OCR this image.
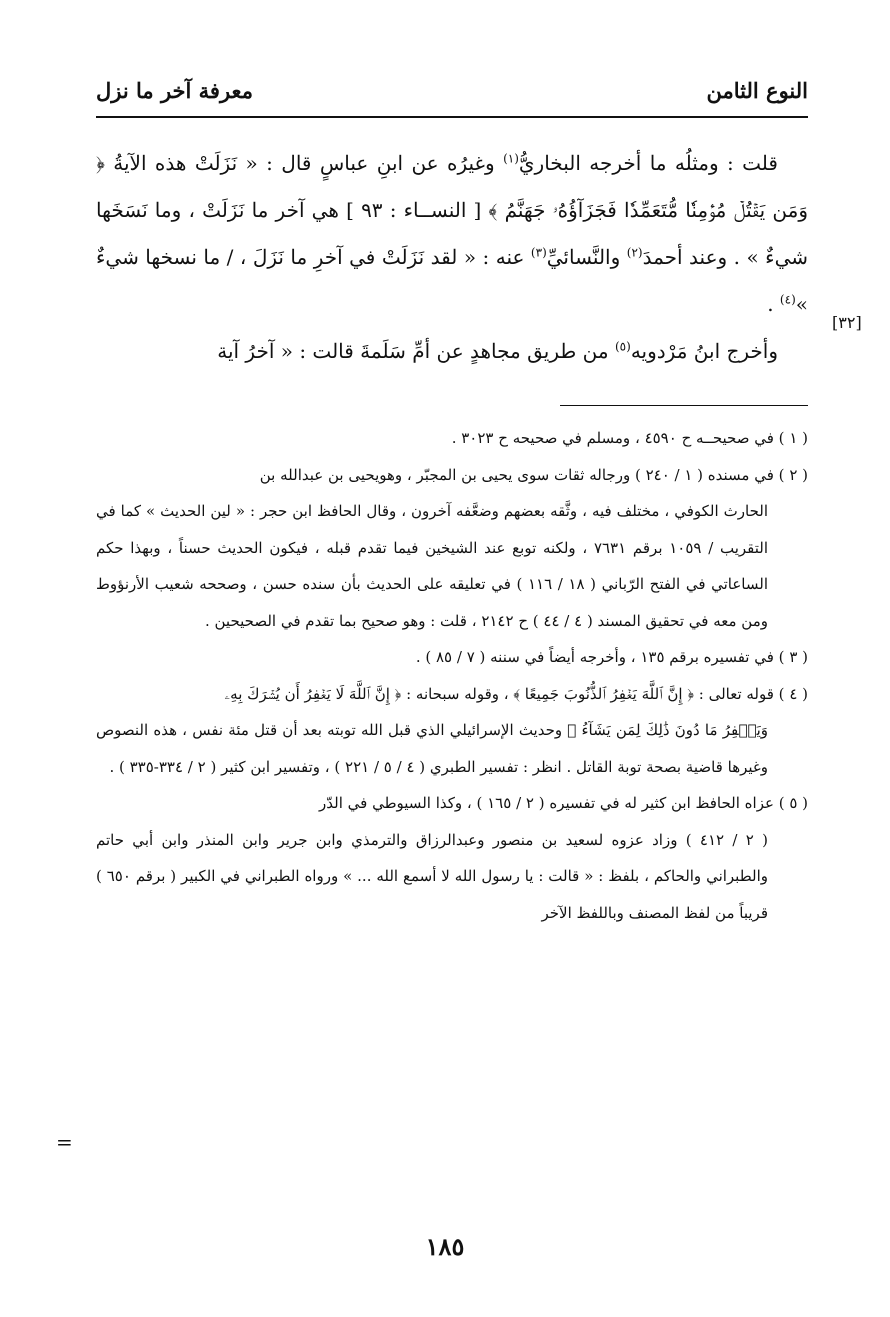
النوع الثامن
معرفة آخر ما نزل

قلت : ومثلُه ما أخرجه البخاريُّ$^{(١)}$ وغيرُه عن ابنِ عباسٍ قال : « نَزَلَتْ هذه الآيةُ ﴿ وَمَن يَقۡتُلۡ مُؤۡمِنٗا مُّتَعَمِّدٗا فَجَزَآؤُهُۥ جَهَنَّمُ ﴾ [ النســاء : ٩٣ ] هي آخر ما نَزَلَتْ ، وما نَسَخَها شيءٌ » . وعند أحمدَ$^{(٢)}$ والنَّسائيِّ$^{(٣)}$ عنه : « لقد نَزَلَتْ في آخرِ ما نَزَلَ ، / ما نسخها شيءٌ »$^{(٤)}$ .

وأخرج ابنُ مَرْدويه$^{(٥)}$ من طريق مجاهدٍ عن أمِّ سَلَمةَ قالت : « آخرُ آية

[٣٢]

( ١ ) في صحيحــه ح ٤٥٩٠ ، ومسلم في صحيحه ح ٣٠٢٣ .

( ٢ ) في مسنده ( ١ / ٢٤٠ ) ورجاله ثقات سوى يحيى بن المجبّر ، وهويحيى بن عبدالله بن
الحارث الكوفي ، مختلف فيه ، وثَّقه بعضهم وضعَّفه آخرون ، وقال الحافظ ابن حجر : « لين الحديث » كما في التقريب / ١٠٥٩ برقم ٧٦٣١ ، ولكنه توبع عند الشيخين فيما تقدم قبله ، فيكون الحديث حسناً ، وبهذا حكم الساعاتي في الفتح الرّباني ( ١٨ / ١١٦ ) في تعليقه على الحديث بأن سنده حسن ، وصححه شعيب الأرنؤوط ومن معه في تحقيق المسند ( ٤ / ٤٤ ) ح ٢١٤٢ ، قلت : وهو صحيح بما تقدم في الصحيحين .

( ٣ ) في تفسيره برقم ١٣٥ ، وأخرجه أيضاً في سننه ( ٧ / ٨٥ ) .

( ٤ ) قوله تعالى : ﴿ إِنَّ ٱللَّهَ يَغۡفِرُ ٱلذُّنُوبَ جَمِيعًا ﴾ ، وقوله سبحانه : ﴿ إِنَّ ٱللَّهَ لَا يَغۡفِرُ أَن يُشۡرَكَ بِهِۦ
وَيَغۡفِرُ مَا دُونَ ذَٰلِكَ لِمَن يَشَآءُ ﴾ وحديث الإسرائيلي الذي قبل الله توبته بعد أن قتل مئة نفس ، هذه النصوص وغيرها قاضية بصحة توبة القاتل . انظر : تفسير الطبري ( ٤ / ٥ / ٢٢١ ) ، وتفسير ابن كثير ( ٢ / ٣٣٤-٣٣٥ ) .

( ٥ ) عزاه الحافظ ابن كثير له في تفسيره ( ٢ / ١٦٥ ) ، وكذا السيوطي في الدّر
( ٢ / ٤١٢ ) وزاد عزوه لسعيد بن منصور وعبدالرزاق والترمذي وابن جرير وابن المنذر وابن أبي حاتم والطبراني والحاكم ، بلفظ : « قالت : يا رسول الله لا أسمع الله ... » ورواه الطبراني في الكبير ( برقم ٦٥٠ ) قريباً من لفظ المصنف وباللفظ الآخر

=
١٨٥
